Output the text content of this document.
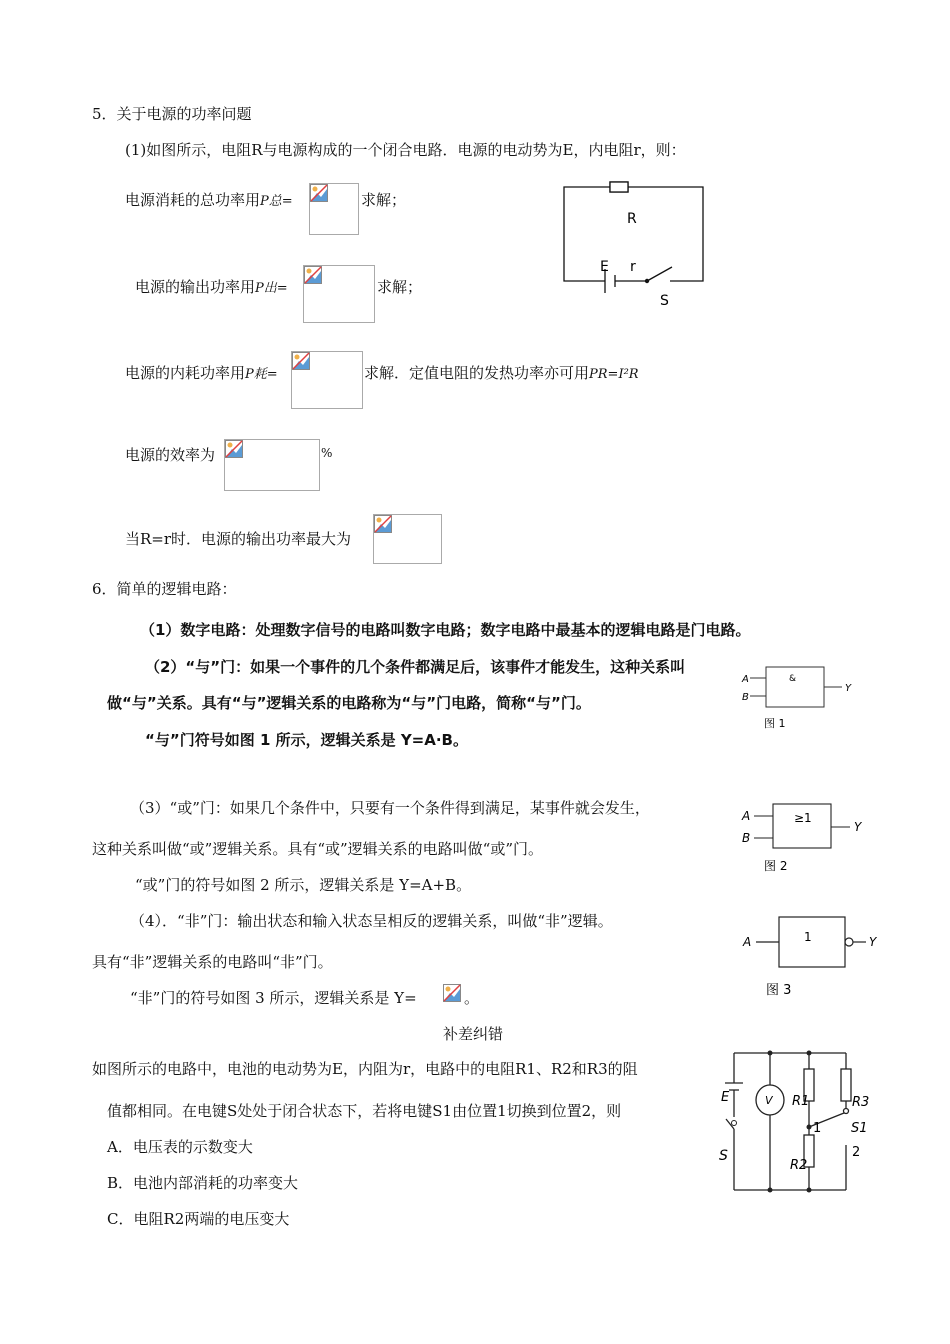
5．关于电源的功率问题
(1)如图所示，电阻R与电源构成的一个闭合电路．电源的电动势为E，内电阻r，则：
电源消耗的总功率用P总=	求解；
电源的输出功率用P出=	求解；
电源的内耗功率用P耗=	求解．定值电阻的发热功率亦可用PR=I²R
电源的效率为	%
当R=r时．电源的输出功率最大为
R
E r
S
6．简单的逻辑电路：
（1）数字电路：处理数字信号的电路叫数字电路；数字电路中最基本的逻辑电路是门电路。
（2）“与”门：如果一个事件的几个条件都满足后，该事件才能发生，这种关系叫
做“与”关系。具有“与”逻辑关系的电路称为“与”门电路，简称“与”门。
“与”门符号如图 1 所示，逻辑关系是 Y=A·B。
A
B
&
Y
图 1
（3）“或”门：如果几个条件中，只要有一个条件得到满足，某事件就会发生，
这种关系叫做“或”逻辑关系。具有“或”逻辑关系的电路叫做“或”门。
“或”门的符号如图 2 所示，逻辑关系是 Y=A+B。
A
B
≥1
Y
图 2
（4）．“非”门：输出状态和输入状态呈相反的逻辑关系，叫做“非”逻辑。
具有“非”逻辑关系的电路叫“非”门。
“非”门的符号如图 3 所示，逻辑关系是 Y=	。
A	1	Y
图 3
补差纠错
如图所示的电路中，电池的电动势为E，内阻为r，电路中的电阻R1、R2和R3的阻
值都相同。在电键S处处于闭合状态下，若将电键S1由位置1切换到位置2，则
A．电压表的示数变大
B．电池内部消耗的功率变大
C．电阻R2两端的电压变大
E	V
S
R1
R2
R3
S1
1
2
